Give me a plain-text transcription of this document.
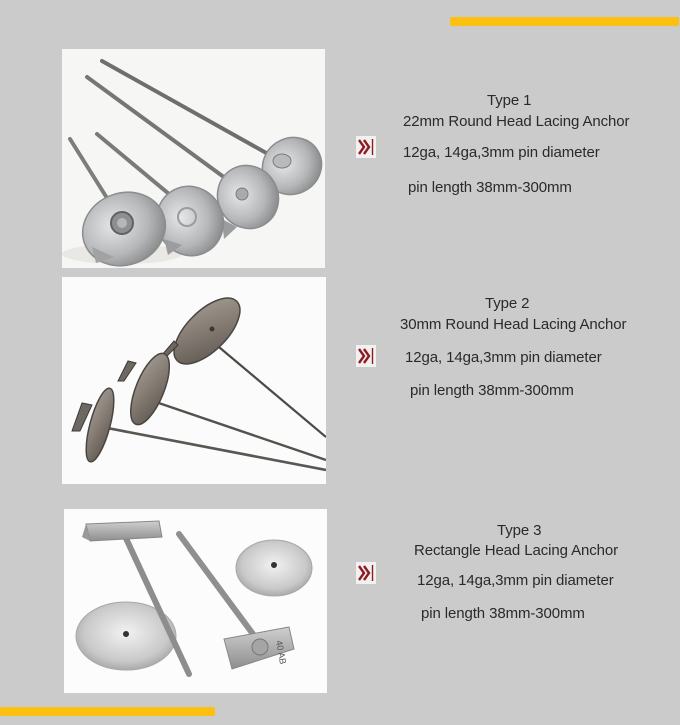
Type 1
22mm Round Head Lacing Anchor
12ga, 14ga,3mm pin diameter
pin length 38mm-300mm
Type 2
30mm Round Head Lacing Anchor
12ga, 14ga,3mm pin diameter
pin length 38mm-300mm
40 AB
Type 3
Rectangle Head Lacing Anchor
12ga, 14ga,3mm pin diameter
pin length 38mm-300mm
